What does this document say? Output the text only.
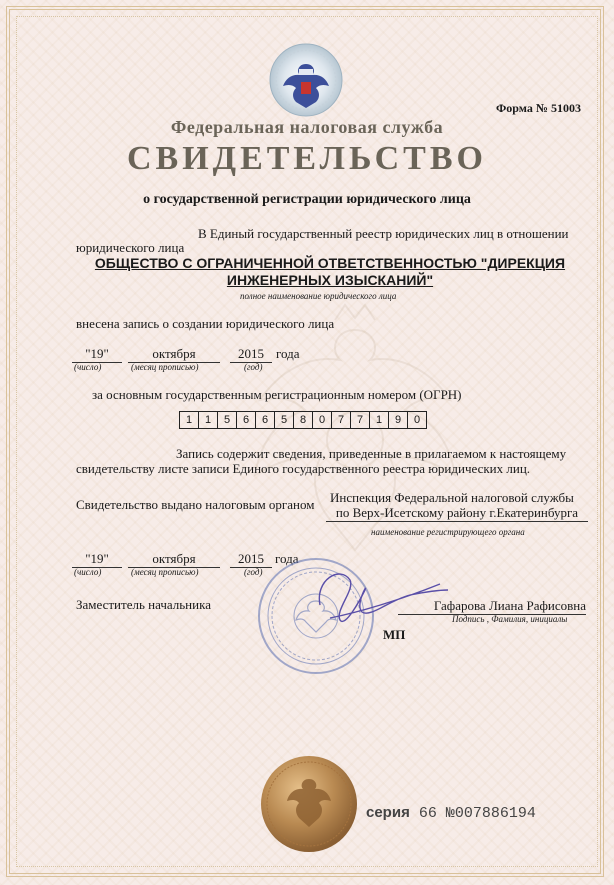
Форма № 51003
Федеральная налоговая служба
СВИДЕТЕЛЬСТВО
о государственной регистрации юридического лица
В Единый государственный реестр юридических лиц в отношении
юридического лица
ОБЩЕСТВО С ОГРАНИЧЕННОЙ ОТВЕТСТВЕННОСТЬЮ "ДИРЕКЦИЯ ИНЖЕНЕРНЫХ ИЗЫСКАНИЙ"
полное наименование юридического лица
внесена запись о создании юридического лица
"19"	октября	2015 года
(число)	(месяц прописью)	(год)
за основным государственным регистрационным номером (ОГРН)
1	1	5	6	6	5	8	0	7	7	1	9	0
Запись содержит сведения, приведенные в прилагаемом к настоящему
свидетельству листе записи Единого государственного реестра юридических лиц.
Свидетельство выдано налоговым органом Инспекция Федеральной налоговой службы
по Верх-Исетскому району г.Екатеринбурга
наименование регистрирующего органа
"19"	октября	2015 года
(число)	(месяц прописью)	(год)
Заместитель начальника	Гафарова Лиана Рафисовна
Подпись , Фамилия, инициалы
МП
серия 66 №007886194
